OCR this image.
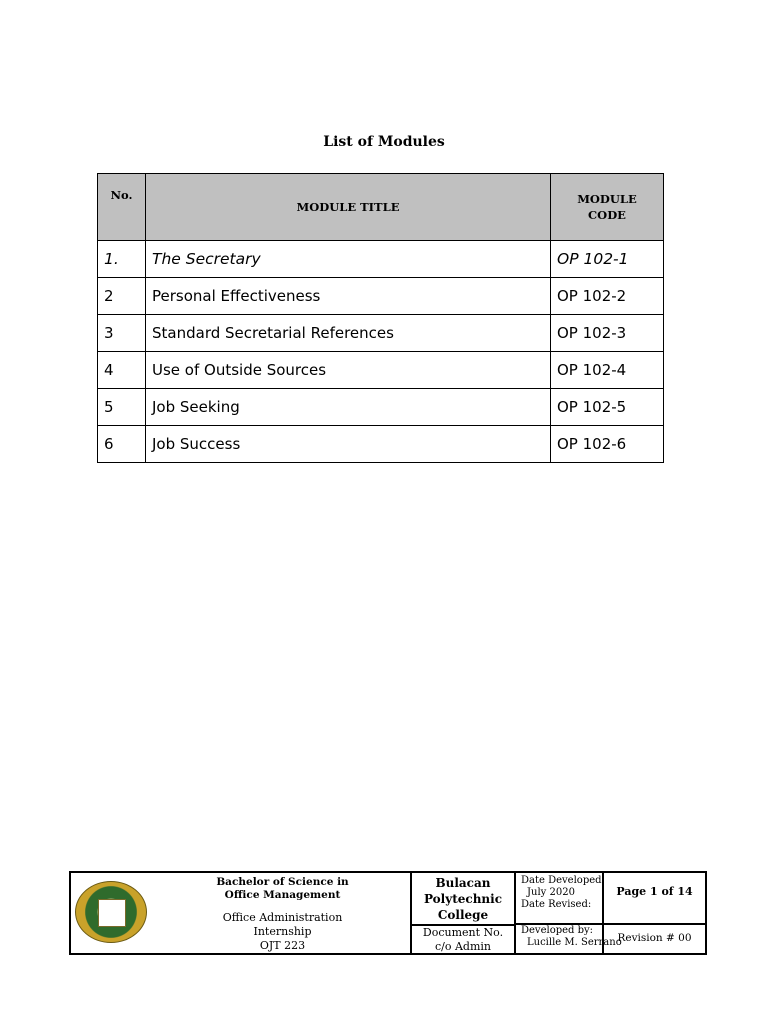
List of Modules
No.	MODULE TITLE	MODULE
CODE
1.	The Secretary	OP 102-1
2	Personal Effectiveness	OP 102-2
3	Standard Secretarial References	OP 102-3
4	Use of Outside Sources	OP 102-4
5	Job Seeking	OP 102-5
6	Job Success	OP 102-6
Bachelor of Science in
Office Management
Office Administration
Internship
OJT 223
Bulacan
Polytechnic
College
Document No.
c/o Admin
Date Developed:
July 2020
Date Revised:
Developed by:
Lucille M. Serrano
Page 1 of 14
Revision # 00
